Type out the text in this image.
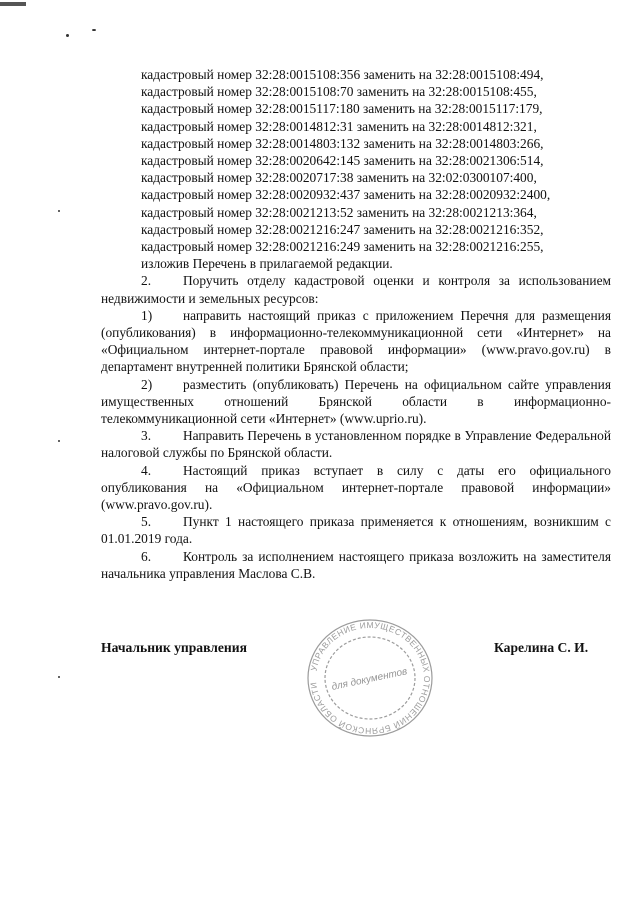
кадастровый номер 32:28:0015108:356 заменить на 32:28:0015108:494,
кадастровый номер 32:28:0015108:70 заменить на 32:28:0015108:455,
кадастровый номер 32:28:0015117:180 заменить на 32:28:0015117:179,
кадастровый номер 32:28:0014812:31 заменить на 32:28:0014812:321,
кадастровый номер 32:28:0014803:132 заменить на 32:28:0014803:266,
кадастровый номер 32:28:0020642:145 заменить на 32:28:0021306:514,
кадастровый номер 32:28:0020717:38 заменить на 32:02:0300107:400,
кадастровый номер 32:28:0020932:437 заменить на 32:28:0020932:2400,
кадастровый номер 32:28:0021213:52 заменить на 32:28:0021213:364,
кадастровый номер 32:28:0021216:247 заменить на 32:28:0021216:352,
кадастровый номер 32:28:0021216:249 заменить на 32:28:0021216:255,
изложив Перечень в прилагаемой редакции.

2. Поручить отделу кадастровой оценки и контроля за использованием недвижимости и земельных ресурсов:

1) направить настоящий приказ с приложением Перечня для размещения (опубликования) в информационно-телекоммуникационной сети «Интернет» на «Официальном интернет-портале правовой информации» (www.pravo.gov.ru) в департамент внутренней политики Брянской области;

2) разместить (опубликовать) Перечень на официальном сайте управления имущественных отношений Брянской области в информационно-телекоммуникационной сети «Интернет» (www.uprio.ru).

3. Направить Перечень в установленном порядке в Управление Федеральной налоговой службы по Брянской области.

4. Настоящий приказ вступает в силу с даты его официального опубликования на «Официальном интернет-портале правовой информации» (www.pravo.gov.ru).

5. Пункт 1 настоящего приказа применяется к отношениям, возникшим с 01.01.2019 года.

6. Контроль за исполнением настоящего приказа возложить на заместителя начальника управления Маслова С.В.

Начальник управления	Карелина С. И.
УПРАВЛЕНИЕ ИМУЩЕСТВЕННЫХ ОТНОШЕНИЙ БРЯНСКОЙ ОБЛАСТИ	для документов
